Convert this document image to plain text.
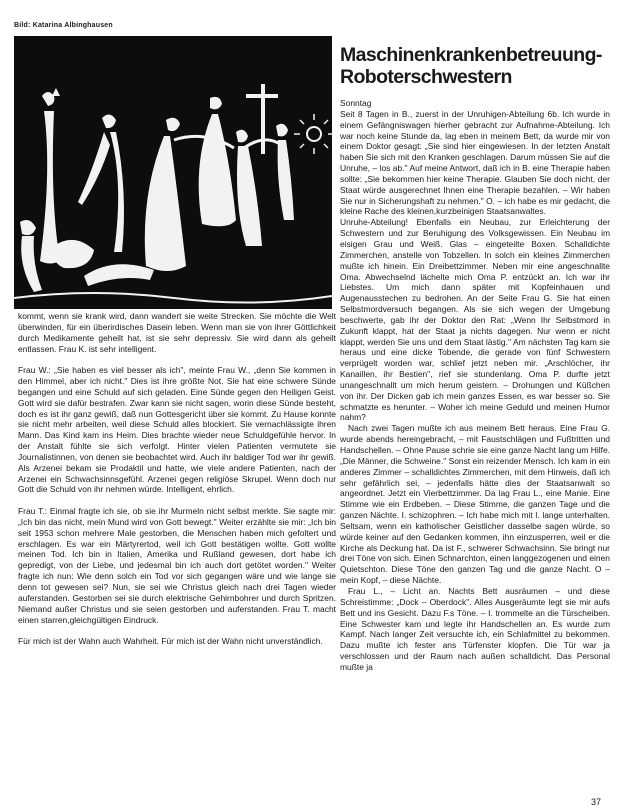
Bild: Katarina Albinghausen
Maschinenkrankenbetreuung-
Roboterschwestern

kommt, wenn sie krank wird, dann wandert sie weite Strecken. Sie möchte die Welt überwinden, für ein überirdisches Dasein leben. Wenn man sie von ihrer Göttlichkeit durch Medikamente geheilt hat, ist sie sehr depressiv. Sie wird dann als geheilt entlassen. Frau K. ist sehr intelligent.

Frau W.: „Sie haben es viel besser als ich", meinte Frau W., „denn Sie kommen in den Himmel, aber ich nicht." Dies ist ihre größte Not. Sie hat eine schwere Sünde begangen und eine Schuld auf sich geladen. Eine Sünde gegen den Heiligen Geist. Gott wird sie dafür bestrafen. Zwar kann sie nicht sagen, worin diese Sünde besteht, doch es ist ihr ganz gewiß, daß nun Gottesgericht über sie kommt. Zu Hause konnte sie nicht mehr arbeiten, weil diese Schuld alles blockiert. Sie vernachlässigte ihren Mann. Das Kind kam ins Heim. Dies brachte wieder neue Schuldgefühle hervor. In der Anstalt fühlte sie sich verfolgt. Hinter vielen Patienten vermutete sie Journalistinnen, von denen sie beobachtet wird. Auch ihr baldiger Tod war ihr gewiß. Als Arzenei bekam sie Prodaktil und hatte, wie viele andere Patienten, nach der Arzenei ein Schwachsinnsgefühl. Arzenei gegen religiöse Skrupel. Wenn doch nur Gott die Schuld von ihr nehmen würde. Intelligent, ehrlich.

Frau T.: Einmal fragte ich sie, ob sie ihr Murmeln nicht selbst merkte. Sie sagte mir: „Ich bin das nicht, mein Mund wird von Gott bewegt." Weiter erzählte sie mir: „Ich bin seit 1953 schon mehrere Male gestorben, die Menschen haben mich gefoltert und erschlagen. Es war ein Märtyrertod, weil ich Gott bestätigen wollte. Gott wollte meinen Tod. Ich bin in Italien, Amerika und Rußland gewesen, dort habe ich gepredigt, von der Liebe, und jedesmal bin ich auch dort getötet worden." Weiter fragte ich nun: Wie denn solch ein Tod vor sich gegangen wäre und wie lange sie denn tot gewesen sei? Nun, sie sei wie Christus gleich nach drei Tagen wieder auferstanden. Gestorben sei sie durch elektrische Gehirnbohrer und durch Spritzen. Niemand außer Christus und sie seien gestorben und auferstanden. Frau T. macht einen starren,gleichgültigen Eindruck.

Für mich ist der Wahn auch Wahrheit. Für mich ist der Wahn nicht unverständlich.

Sonntag

Seit 8 Tagen in B., zuerst in der Unruhigen-Abteilung 6b. Ich wurde in einem Gefängniswagen hierher gebracht zur Aufnahme-Abteilung. Ich war noch keine Stunde da, lag eben in meinem Bett, da wurde mir von einem Doktor gesagt: „Sie sind hier eingewiesen. In der letzten Anstalt haben Sie sich mit den Kranken geschlagen. Darum müssen Sie auf die Unruhe, – los ab." Auf meine Antwort, daß ich in B. eine Therapie haben sollte: „Sie bekommen hier keine Therapie. Glauben Sie doch nicht, der Staat würde ausgerechnet Ihnen eine Therapie bezahlen. – Wir haben Sie nur in Sicherungshaft zu nehmen." O. – ich habe es mir gedacht, die kleine Rache des kleinen,kurzbeinigen Staatsanwaltes.

Unruhe-Abteilung! Ebenfalls ein Neubau, zur Erleichterung der Schwestern und zur Beruhigung des Volksgewissen. Ein Neubau im eisigen Grau und Weiß. Glas – eingeteilte Boxen. Schalldichte Zimmerchen, anstelle von Tobzellen. In solch ein kleines Zimmerchen mußte ich hinein. Ein Dreibettzimmer. Neben mir eine angeschnallte Oma. Abwechselnd lächelte mich Oma P. entzückt an. Ich war ihr Liebstes. Um mich dann später mit Kopfeinhauen und Augenausstechen zu bedrohen. An der Seite Frau G. Sie hat einen Selbstmordversuch begangen. Als sie sich wegen der Umgebung beschwerte, gab ihr der Doktor den Rat: „Wenn Ihr Selbstmord in Zukunft klappt, hat der Staat ja nichts dagegen. Nur wenn er nicht klappt, werden Sie uns und dem Staat lästig." Am nächsten Tag kam sie heraus und eine dicke Tobende, die gerade von fünf Schwestern verprügelt worden war, schlief jetzt neben mir. „Arschlöcher, ihr Kanaillen, ihr Bestien", rief sie stundenlang. Oma P. durfte jetzt unangeschnallt um mich herum geistern. – Drohungen und Küßchen von ihr. Der Dicken gab ich mein ganzes Essen, es war besser so. Sie schmatzte es herunter. – Woher ich meine Geduld und meinen Humor nahm?

Nach zwei Tagen mußte ich aus meinem Bett heraus. Eine Frau G. wurde abends hereingebracht, – mit Faustschlägen und Fußtritten und Handschellen. – Ohne Pause schrie sie eine ganze Nacht lang um Hilfe. „Die Männer, die Schweine." Sonst ein reizender Mensch. Ich kam in ein anderes Zimmer – schalldichtes Zimmerchen, mit dem Hinweis, daß ich sehr gefährlich sei, – jedenfalls hätte dies der Staatsanwalt so angeordnet. Jetzt ein Vierbettzimmer. Da lag Frau L., eine Manie. Eine Stimme wie ein Erdbeben. – Diese Stimme, die ganzen Tage und die ganzen Nächte. I. schizophren. – Ich habe mich mit I. lange unterhalten. Seltsam, wenn ein katholischer Geistlicher dasselbe sagen würde, so würde keiner auf den Gedanken kommen, ihn einzusperren, weil er die Kirche als Deckung hat. Da ist F., schwerer Schwachsinn. Sie bringt nur drei Töne von sich. Einen Schnarchton, einen langgezogenen und einen Quietschton. Diese Töne den ganzen Tag und die ganze Nacht. O – mein Kopf, – diese Nächte.

Frau L., – Licht an. Nachts Bett ausräumen – und diese Schreistimme: „Dock – Oberdock". Alles Ausgeräumte legt sie mir aufs Bett und ins Gesicht. Dazu F.s Töne. – I. trommelte an die Türscheiben. Eine Schwester kam und legte ihr Handschellen an. Es wurde zum Kampf. Nach langer Zeit versuchte ich, ein Schlafmittel zu bekommen. Dazu mußte ich fester ans Türfenster klopfen. Die Tür war ja verschlossen und der Raum nach außen schalldicht. Das Personal mußte ja

37
